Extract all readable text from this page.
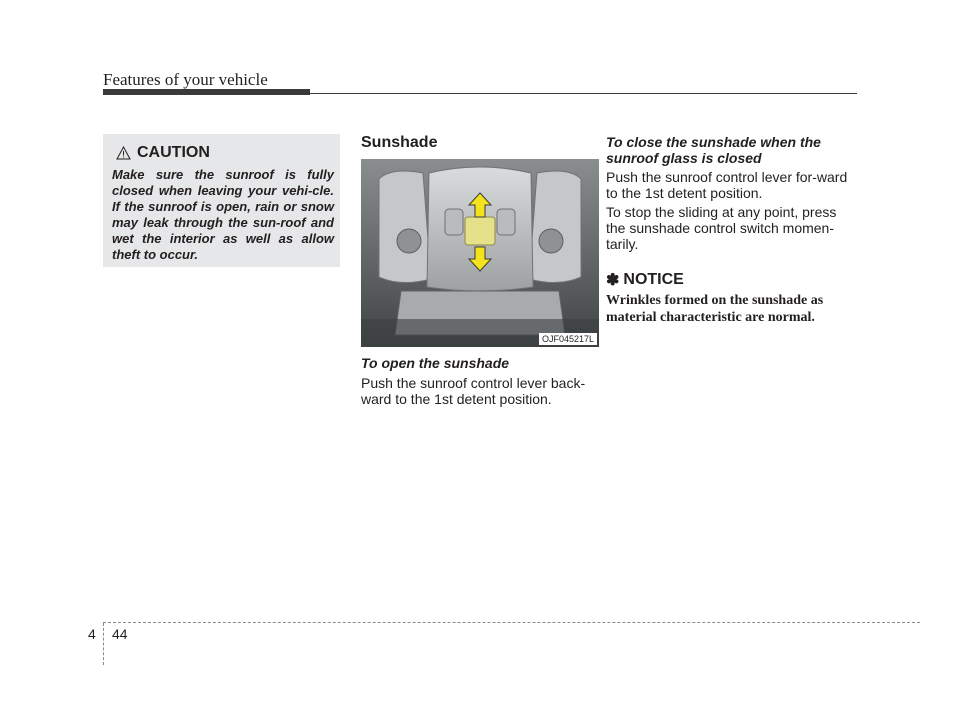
Features of your vehicle
CAUTION
Make sure the sunroof is fully closed when leaving your vehi-cle. If the sunroof is open, rain or snow may leak through the sun-roof and wet the interior as well as allow theft to occur.
Sunshade
OJF045217L
To open the sunshade
Push the sunroof control lever back-ward to the 1st detent position.
To close the sunshade when the sunroof glass is closed
Push the sunroof control lever for-ward to the 1st detent position.
To stop the sliding at any point, press the sunshade control switch momen-tarily.
✽ NOTICE
Wrinkles formed on the sunshade as material characteristic are normal.
4 44
